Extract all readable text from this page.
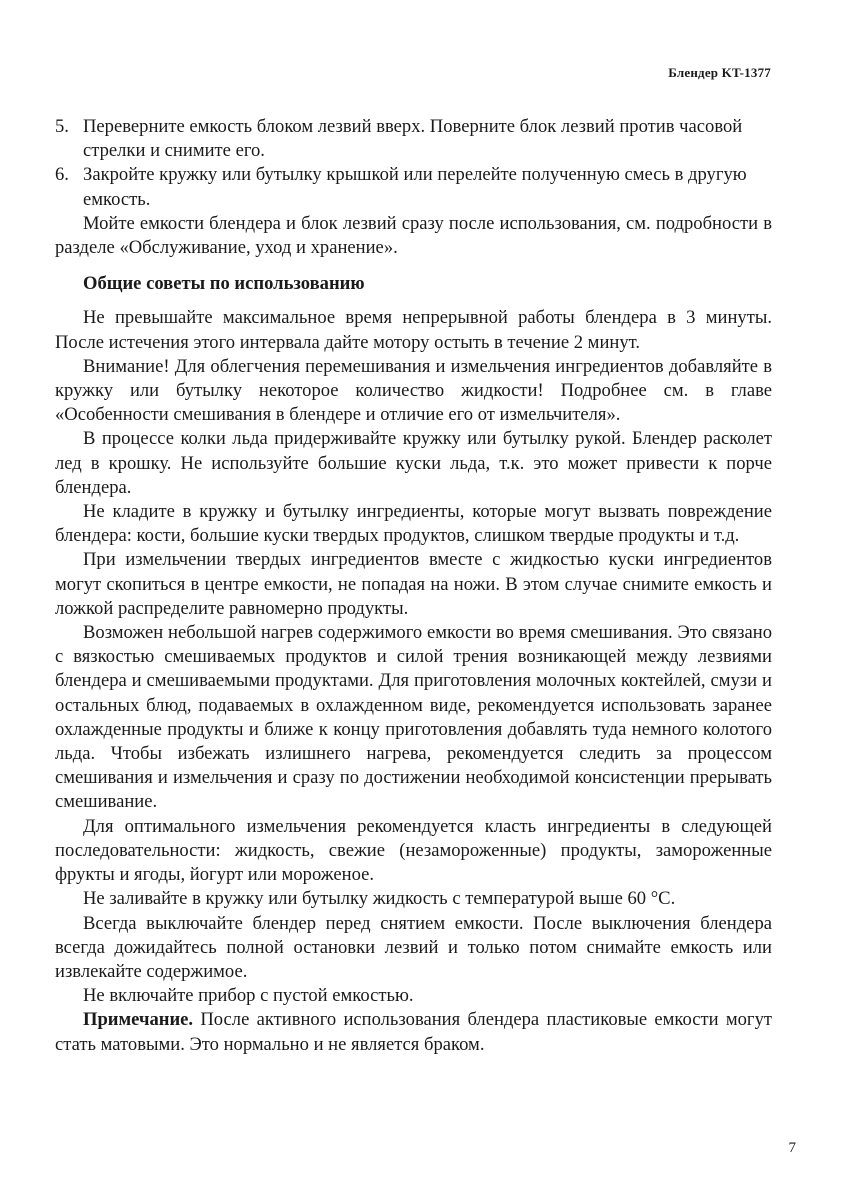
Блендер KT-1377
5. Переверните емкость блоком лезвий вверх. Поверните блок лезвий против часовой стрелки и снимите его.
6. Закройте кружку или бутылку крышкой или перелейте полученную смесь в другую емкость.

Мойте емкости блендера и блок лезвий сразу после использования, см. подробности в разделе «Обслуживание, уход и хранение».

Общие советы по использованию

Не превышайте максимальное время непрерывной работы блендера в 3 минуты. После истечения этого интервала дайте мотору остыть в течение 2 минут.

Внимание! Для облегчения перемешивания и измельчения ингредиентов добавляйте в кружку или бутылку некоторое количество жидкости! Подробнее см. в главе «Особенности смешивания в блендере и отличие его от измельчителя».

В процессе колки льда придерживайте кружку или бутылку рукой. Блендер расколет лед в крошку. Не используйте большие куски льда, т.к. это может привести к порче блендера.

Не кладите в кружку и бутылку ингредиенты, которые могут вызвать повреждение блендера: кости, большие куски твердых продуктов, слишком твердые продукты и т.д.

При измельчении твердых ингредиентов вместе с жидкостью куски ингредиентов могут скопиться в центре емкости, не попадая на ножи. В этом случае снимите емкость и ложкой распределите равномерно продукты.

Возможен небольшой нагрев содержимого емкости во время смешивания. Это связано с вязкостью смешиваемых продуктов и силой трения возникающей между лезвиями блендера и смешиваемыми продуктами. Для приготовления молочных коктейлей, смузи и остальных блюд, подаваемых в охлажденном виде, рекомендуется использовать заранее охлажденные продукты и ближе к концу приготовления добавлять туда немного колотого льда. Чтобы избежать излишнего нагрева, рекомендуется следить за процессом смешивания и измельчения и сразу по достижении необходимой консистенции прерывать смешивание.

Для оптимального измельчения рекомендуется класть ингредиенты в следующей последовательности: жидкость, свежие (незамороженные) продукты, замороженные фрукты и ягоды, йогурт или мороженое.

Не заливайте в кружку или бутылку жидкость с температурой выше 60 °С.

Всегда выключайте блендер перед снятием емкости. После выключения блендера всегда дожидайтесь полной остановки лезвий и только потом снимайте емкость или извлекайте содержимое.

Не включайте прибор с пустой емкостью.

Примечание. После активного использования блендера пластиковые емкости могут стать матовыми. Это нормально и не является браком.

7
